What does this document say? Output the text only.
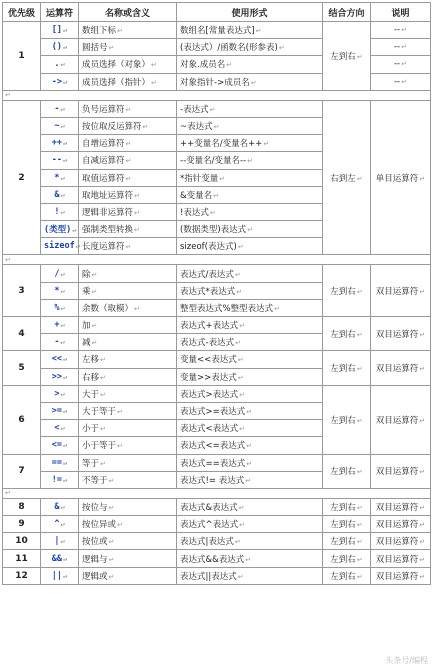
优先级	运算符	名称或含义	使用形式	结合方向	说明
1	[]↵	数组下标↵	数组名[常量表达式]↵	左到右↵	--↵
	()↵	圆括号↵	(表达式）/函数名(形参表)↵		--↵
	.↵	成员选择（对象）↵	对象.成员名↵		--↵
	->↵	成员选择（指针）↵	对象指针->成员名↵		--↵
↵					
2	-↵	负号运算符↵	-表达式↵	右到左↵	单目运算符↵
	~↵	按位取反运算符↵	~表达式↵		
	++↵	自增运算符↵	++变量名/变量名++↵		
	--↵	自减运算符↵	--变量名/变量名--↵		
	*↵	取值运算符↵	*指针变量↵		
	&↵	取地址运算符↵	&变量名↵		
	!↵	逻辑非运算符↵	!表达式↵		
	(类型)↵	强制类型转换↵	(数据类型)表达式↵		
	sizeof↵	长度运算符↵	sizeof(表达式)↵		
↵					
3	/↵	除↵	表达式/表达式↵	左到右↵	双目运算符↵
	*↵	乘↵	表达式*表达式↵		
	%↵	余数（取模）↵	整型表达式%整型表达式↵		
4	+↵	加↵	表达式+表达式↵	左到右↵	双目运算符↵
	-↵	减↵	表达式-表达式↵		
5	<<↵	左移↵	变量<<表达式↵	左到右↵	双目运算符↵
	>>↵	右移↵	变量>>表达式↵		
6	>↵	大于↵	表达式>表达式↵	左到右↵	双目运算符↵
	>=↵	大于等于↵	表达式>=表达式↵		
	<↵	小于↵	表达式<表达式↵		
	<=↵	小于等于↵	表达式<=表达式↵		
7	==↵	等于↵	表达式==表达式↵	左到右↵	双目运算符↵
	!=↵	不等于↵	表达式!= 表达式↵		
↵					
8	&↵	按位与↵	表达式&表达式↵	左到右↵	双目运算符↵
9	^↵	按位异或↵	表达式^表达式↵	左到右↵	双目运算符↵
10	|↵	按位或↵	表达式|表达式↵	左到右↵	双目运算符↵
11	&&↵	逻辑与↵	表达式&&表达式↵	左到右↵	双目运算符↵
12	||↵	逻辑或↵	表达式||表达式↵	左到右↵	双目运算符↵
头条号/编程
